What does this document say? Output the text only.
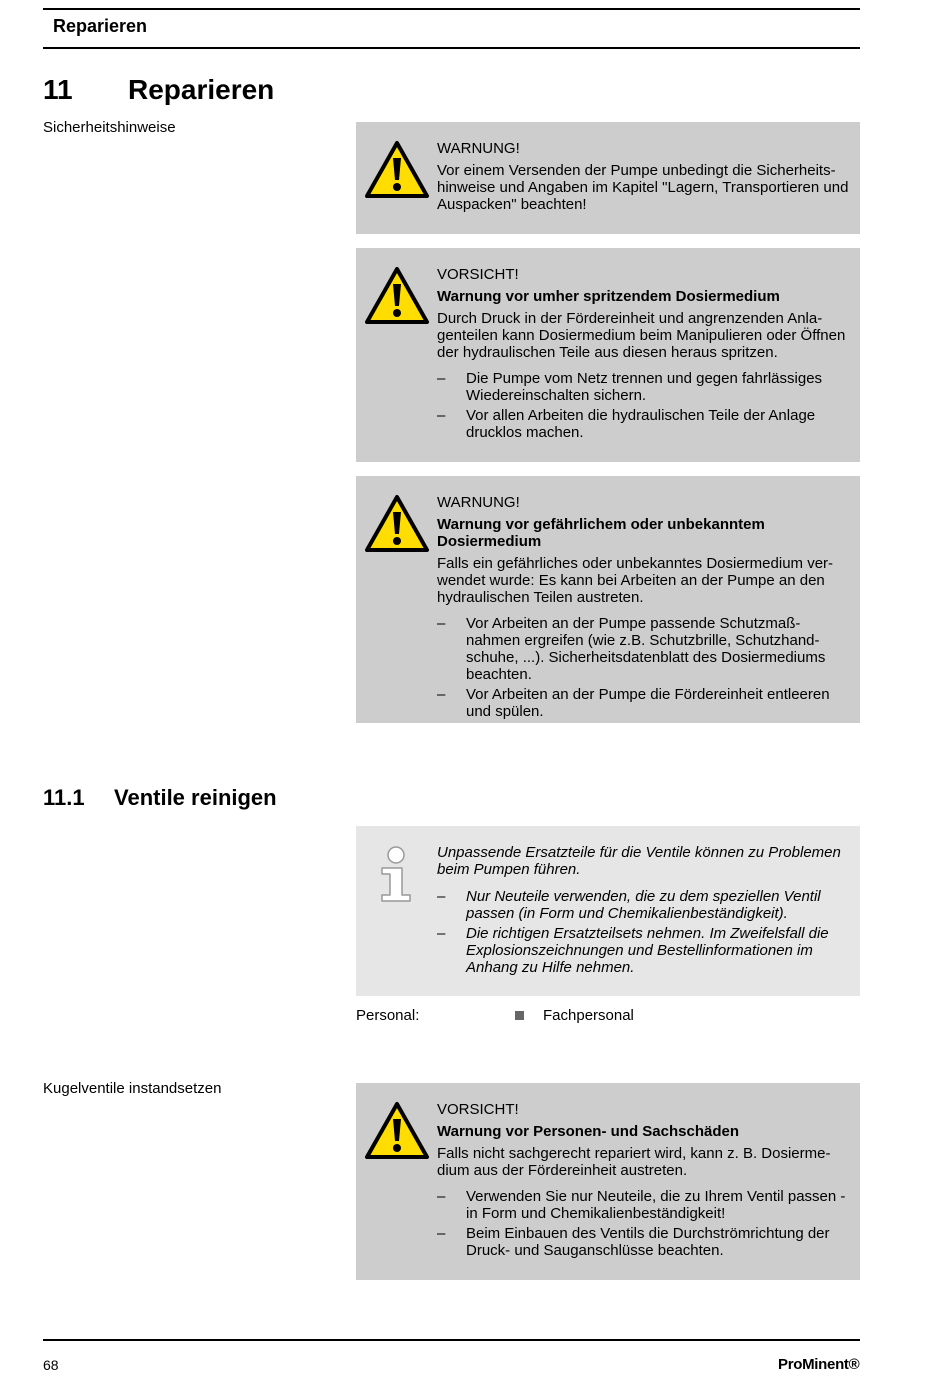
Reparieren
11 Reparieren
Sicherheitshinweise
WARNUNG!
Vor einem Versenden der Pumpe unbedingt die Sicherheits-hinweise und Angaben im Kapitel "Lagern, Transportieren und Auspacken" beachten!
VORSICHT!
Warnung vor umher spritzendem Dosiermedium
Durch Druck in der Fördereinheit und angrenzenden Anla-genteilen kann Dosiermedium beim Manipulieren oder Öffnen der hydraulischen Teile aus diesen heraus spritzen.
– Die Pumpe vom Netz trennen und gegen fahrlässiges Wiedereinschalten sichern.
– Vor allen Arbeiten die hydraulischen Teile der Anlage drucklos machen.
WARNUNG!
Warnung vor gefährlichem oder unbekanntem Dosiermedium
Falls ein gefährliches oder unbekanntes Dosiermedium ver-wendet wurde: Es kann bei Arbeiten an der Pumpe an den hydraulischen Teilen austreten.
– Vor Arbeiten an der Pumpe passende Schutzmaß-nahmen ergreifen (wie z.B. Schutzbrille, Schutzhand-schuhe, ...). Sicherheitsdatenblatt des Dosiermediums beachten.
– Vor Arbeiten an der Pumpe die Fördereinheit entleeren und spülen.
11.1 Ventile reinigen
Unpassende Ersatzteile für die Ventile können zu Problemen beim Pumpen führen.
– Nur Neuteile verwenden, die zu dem speziellen Ventil passen (in Form und Chemikalienbeständigkeit).
– Die richtigen Ersatzteilsets nehmen. Im Zweifelsfall die Explosionszeichnungen und Bestellinformationen im Anhang zu Hilfe nehmen.
Personal:	Fachpersonal
Kugelventile instandsetzen
VORSICHT!
Warnung vor Personen- und Sachschäden
Falls nicht sachgerecht repariert wird, kann z. B. Dosierme-dium aus der Fördereinheit austreten.
– Verwenden Sie nur Neuteile, die zu Ihrem Ventil passen - in Form und Chemikalienbeständigkeit!
– Beim Einbauen des Ventils die Durchströmrichtung der Druck- und Sauganschlüsse beachten.
68	ProMinent®
